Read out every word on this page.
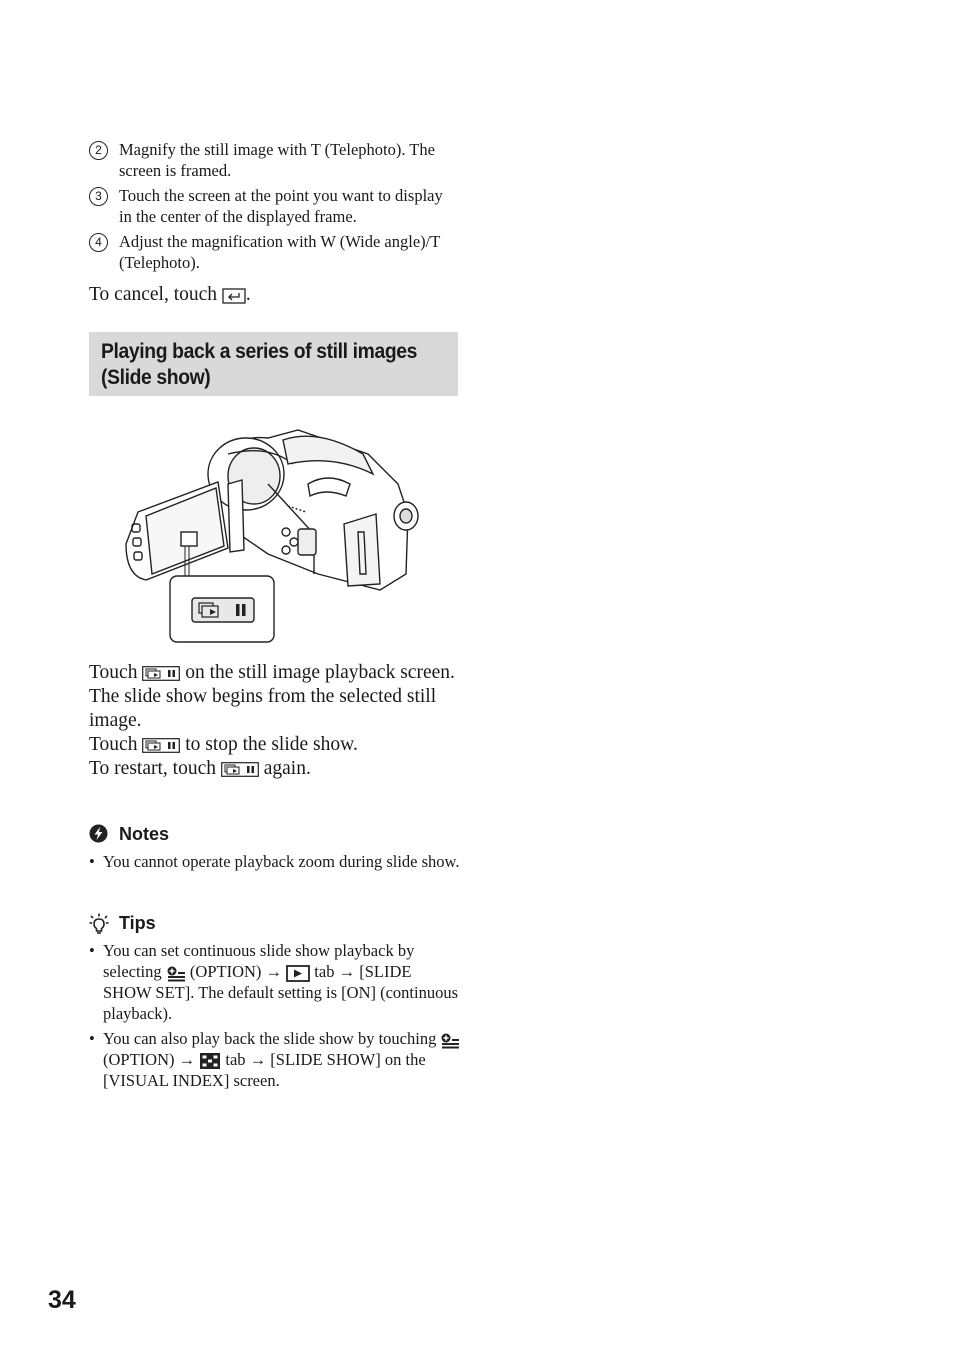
2	Magnify the still image with T (Telephoto). The screen is framed.
3	Touch the screen at the point you want to display in the center of the displayed frame.
4	Adjust the magnification with W (Wide angle)/T (Telephoto).
To cancel, touch .
Playing back a series of still images (Slide show)
Touch on the still image playback screen.
The slide show begins from the selected still image.
Touch to stop the slide show.
To restart, touch again.
Notes
• You cannot operate playback zoom during slide show.
Tips
• You can set continuous slide show playback by selecting (OPTION) → tab → [SLIDE SHOW SET]. The default setting is [ON] (continuous playback).
• You can also play back the slide show by touching  (OPTION) → tab → [SLIDE SHOW] on the [VISUAL INDEX] screen.
34
